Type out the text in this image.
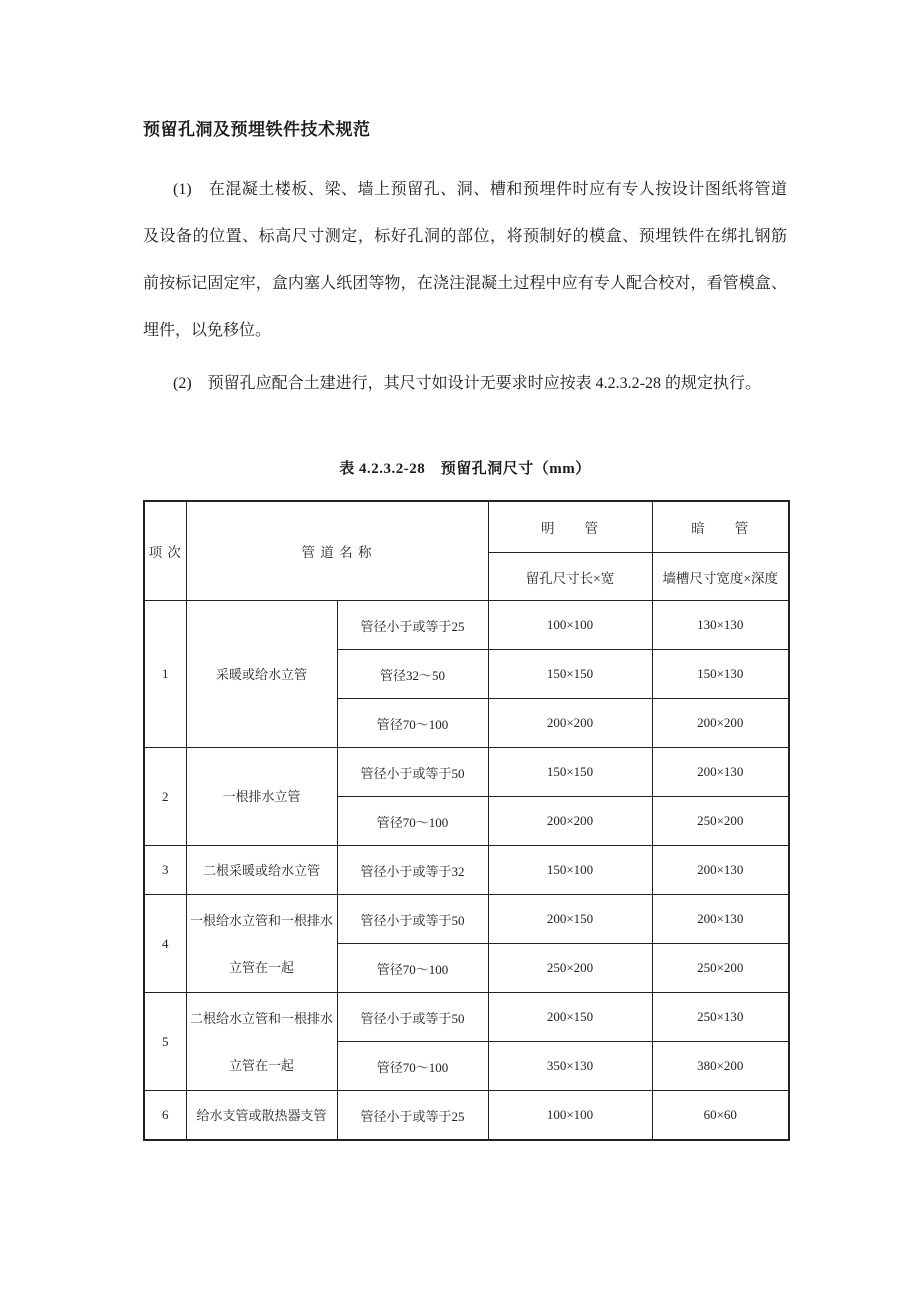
预留孔洞及预埋铁件技术规范
(1)　在混凝土楼板、梁、墙上预留孔、洞、槽和预埋件时应有专人按设计图纸将管道
及设备的位置、标高尺寸测定，标好孔洞的部位，将预制好的模盒、预埋铁件在绑扎钢筋
前按标记固定牢，盒内塞人纸团等物，在浇注混凝土过程中应有专人配合校对，看管模盒、
埋件，以免移位。
(2)　预留孔应配合土建进行，其尺寸如设计无要求时应按表 4.2.3.2-28 的规定执行。
表 4.2.3.2-28　预留孔洞尺寸（mm）
项 次	管 道 名 称		明　　管	暗　　管
			留孔尺寸长×宽	墙槽尺寸宽度×深度
1	采暖或给水立管	管径小于或等于25	100×100	130×130
		管径32～50	150×150	150×130
		管径70～100	200×200	200×200
2	一根排水立管	管径小于或等于50	150×150	200×130
		管径70～100	200×200	250×200
3	二根采暖或给水立管	管径小于或等于32	150×100	200×130
4	一根给水立管和一根排水立管在一起	管径小于或等于50	200×150	200×130
		管径70～100	250×200	250×200
5	二根给水立管和一根排水立管在一起	管径小于或等于50	200×150	250×130
		管径70～100	350×130	380×200
6	给水支管或散热器支管	管径小于或等于25	100×100	60×60
